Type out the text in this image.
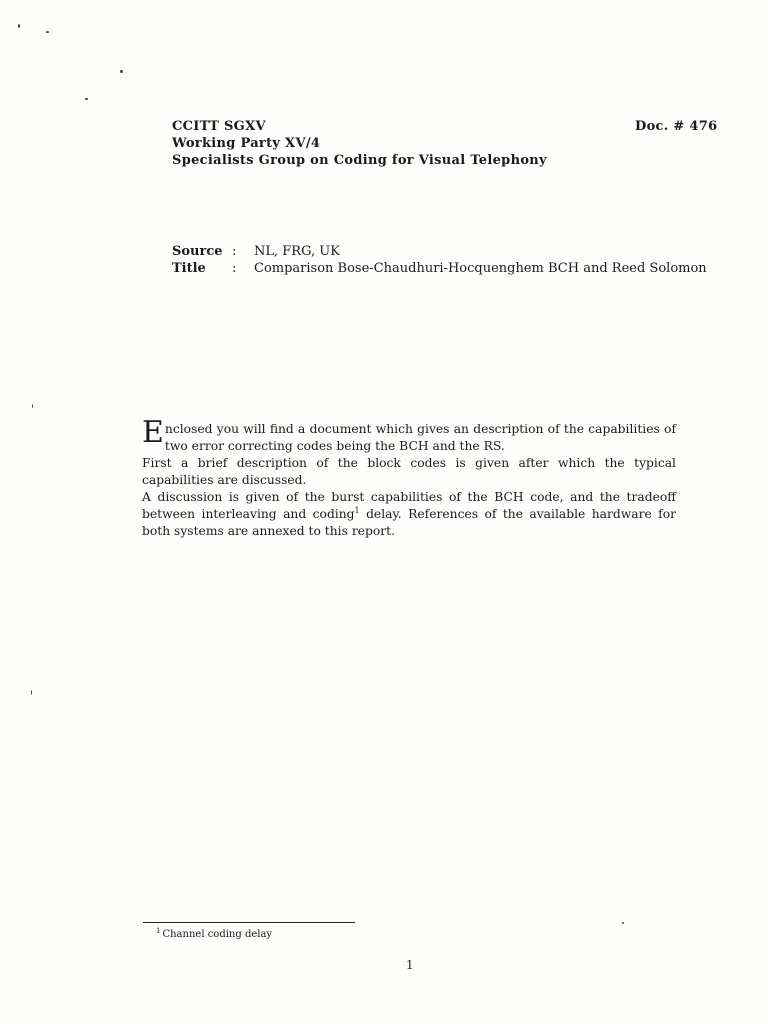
CCITT SGXV
Working Party XV/4
Specialists Group on Coding for Visual Telephony
Doc. # 476
Source :	NL, FRG, UK
Title	:	Comparison Bose-Chaudhuri-Hocquenghem BCH and Reed Solomon

Enclosed you will find a document which gives an description of the capabilities of two error correcting codes being the BCH and the RS.

First a brief description of the block codes is given after which the typical capabilities are discussed.

A discussion is given of the burst capabilities of the BCH code, and the tradeoff between interleaving and coding$^1$ delay. References of the available hardware for both systems are annexed to this report.

$^1$ Channel coding delay
1
